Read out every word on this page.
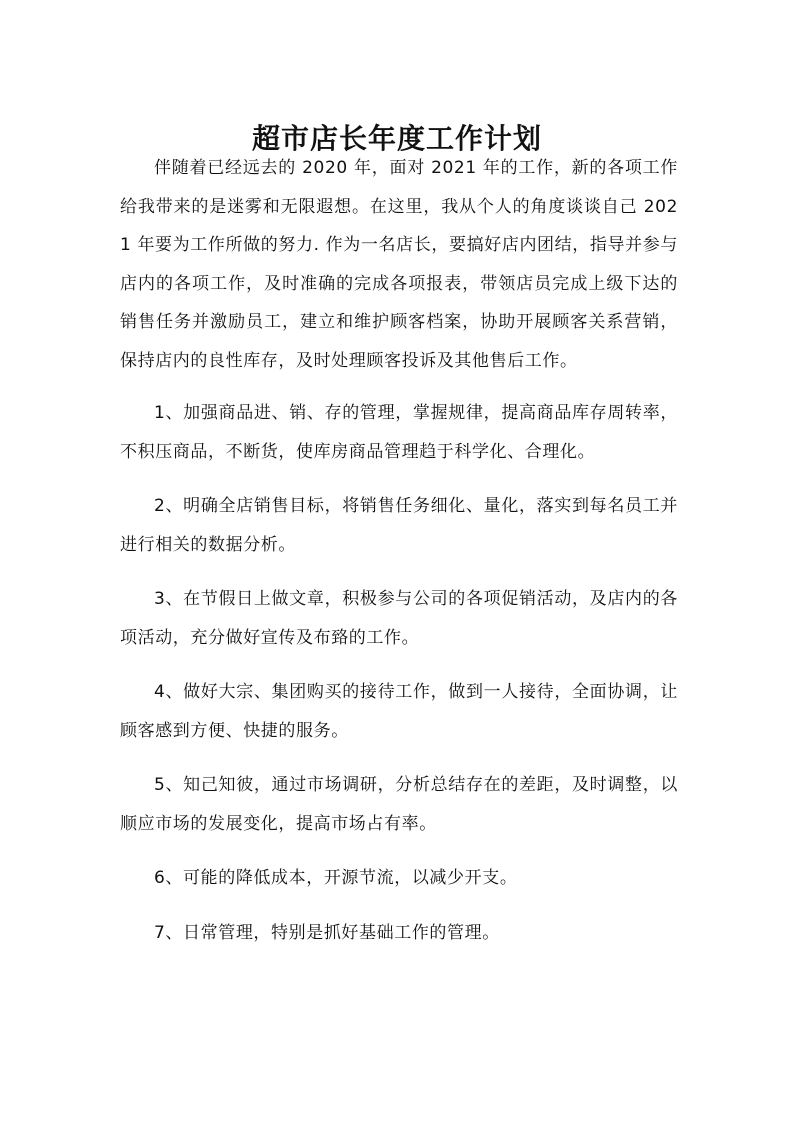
超市店长年度工作计划

伴随着已经远去的 2020 年，面对 2021 年的工作，新的各项工作给我带来的是迷雾和无限遐想。在这里，我从个人的角度谈谈自己 2021 年要为工作所做的努力. 作为一名店长，要搞好店内团结，指导并参与店内的各项工作，及时准确的完成各项报表，带领店员完成上级下达的销售任务并激励员工，建立和维护顾客档案，协助开展顾客关系营销，保持店内的良性库存，及时处理顾客投诉及其他售后工作。

1、加强商品进、销、存的管理，掌握规律，提高商品库存周转率，不积压商品，不断货，使库房商品管理趋于科学化、合理化。

2、明确全店销售目标，将销售任务细化、量化，落实到每名员工并进行相关的数据分析。

3、在节假日上做文章，积极参与公司的各项促销活动，及店内的各项活动，充分做好宣传及布臵的工作。

4、做好大宗、集团购买的接待工作，做到一人接待，全面协调，让顾客感到方便、快捷的服务。

5、知己知彼，通过市场调研，分析总结存在的差距，及时调整，以顺应市场的发展变化，提高市场占有率。

6、可能的降低成本，开源节流，以减少开支。

7、日常管理，特别是抓好基础工作的管理。
